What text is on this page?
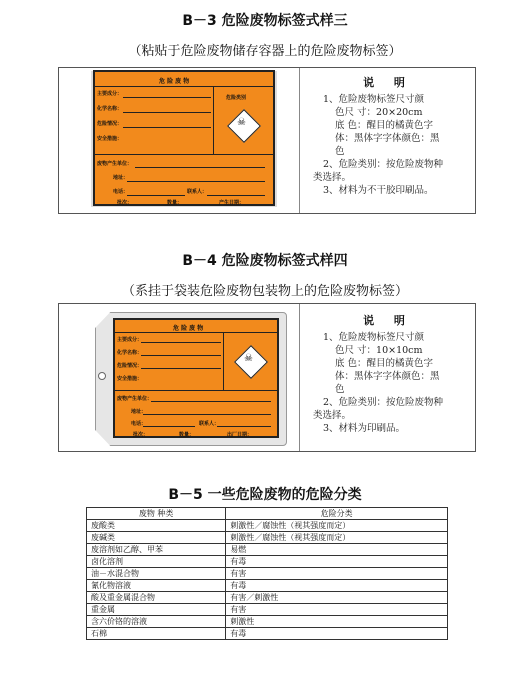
B－3 危险废物标签式样三
（粘贴于危险废物储存容器上的危险废物标签）
危 险 废 物
危险类别
☠
主要成分：
化学名称：
危险情况：
安全措施：
废物产生单位：
地址：
电话：	联系人：
批次：	数量：	产生日期：
说 明
1、危险废物标签尺寸颜
色尺 寸：20×20cm
底 色：醒目的橘黄色字
体：黑体字字体颜色：黑
色
2、危险类别：按危险废物种
类选择。
3、材料为不干胶印刷品。
B－4 危险废物标签式样四
（系挂于袋装危险废物包装物上的危险废物标签）
危 险 废 物
☠
主要成分：
化学名称：
危险情况：
安全措施：
废物产生单位：
地址：
电话：	联系人：
批次：	数量：	出厂日期：
说 明
1、危险废物标签尺寸颜
色尺 寸：10×10cm
底 色：醒目的橘黄色字
体：黑体字字体颜色：黑
色
2、危险类别：按危险废物种
类选择。
3、材料为印刷品。
B－5 一些危险废物的危险分类
废物 种类	危险分类
废酸类	刺激性／腐蚀性（视其强度而定）
废碱类	刺激性／腐蚀性（视其强度而定）
废溶剂如乙醇、甲苯	易燃
卤化溶剂	有毒
油－水混合物	有害
氰化物溶液	有毒
酸及重金属混合物	有害／刺激性
重金属	有害
含六价铬的溶液	刺激性
石棉	有毒
